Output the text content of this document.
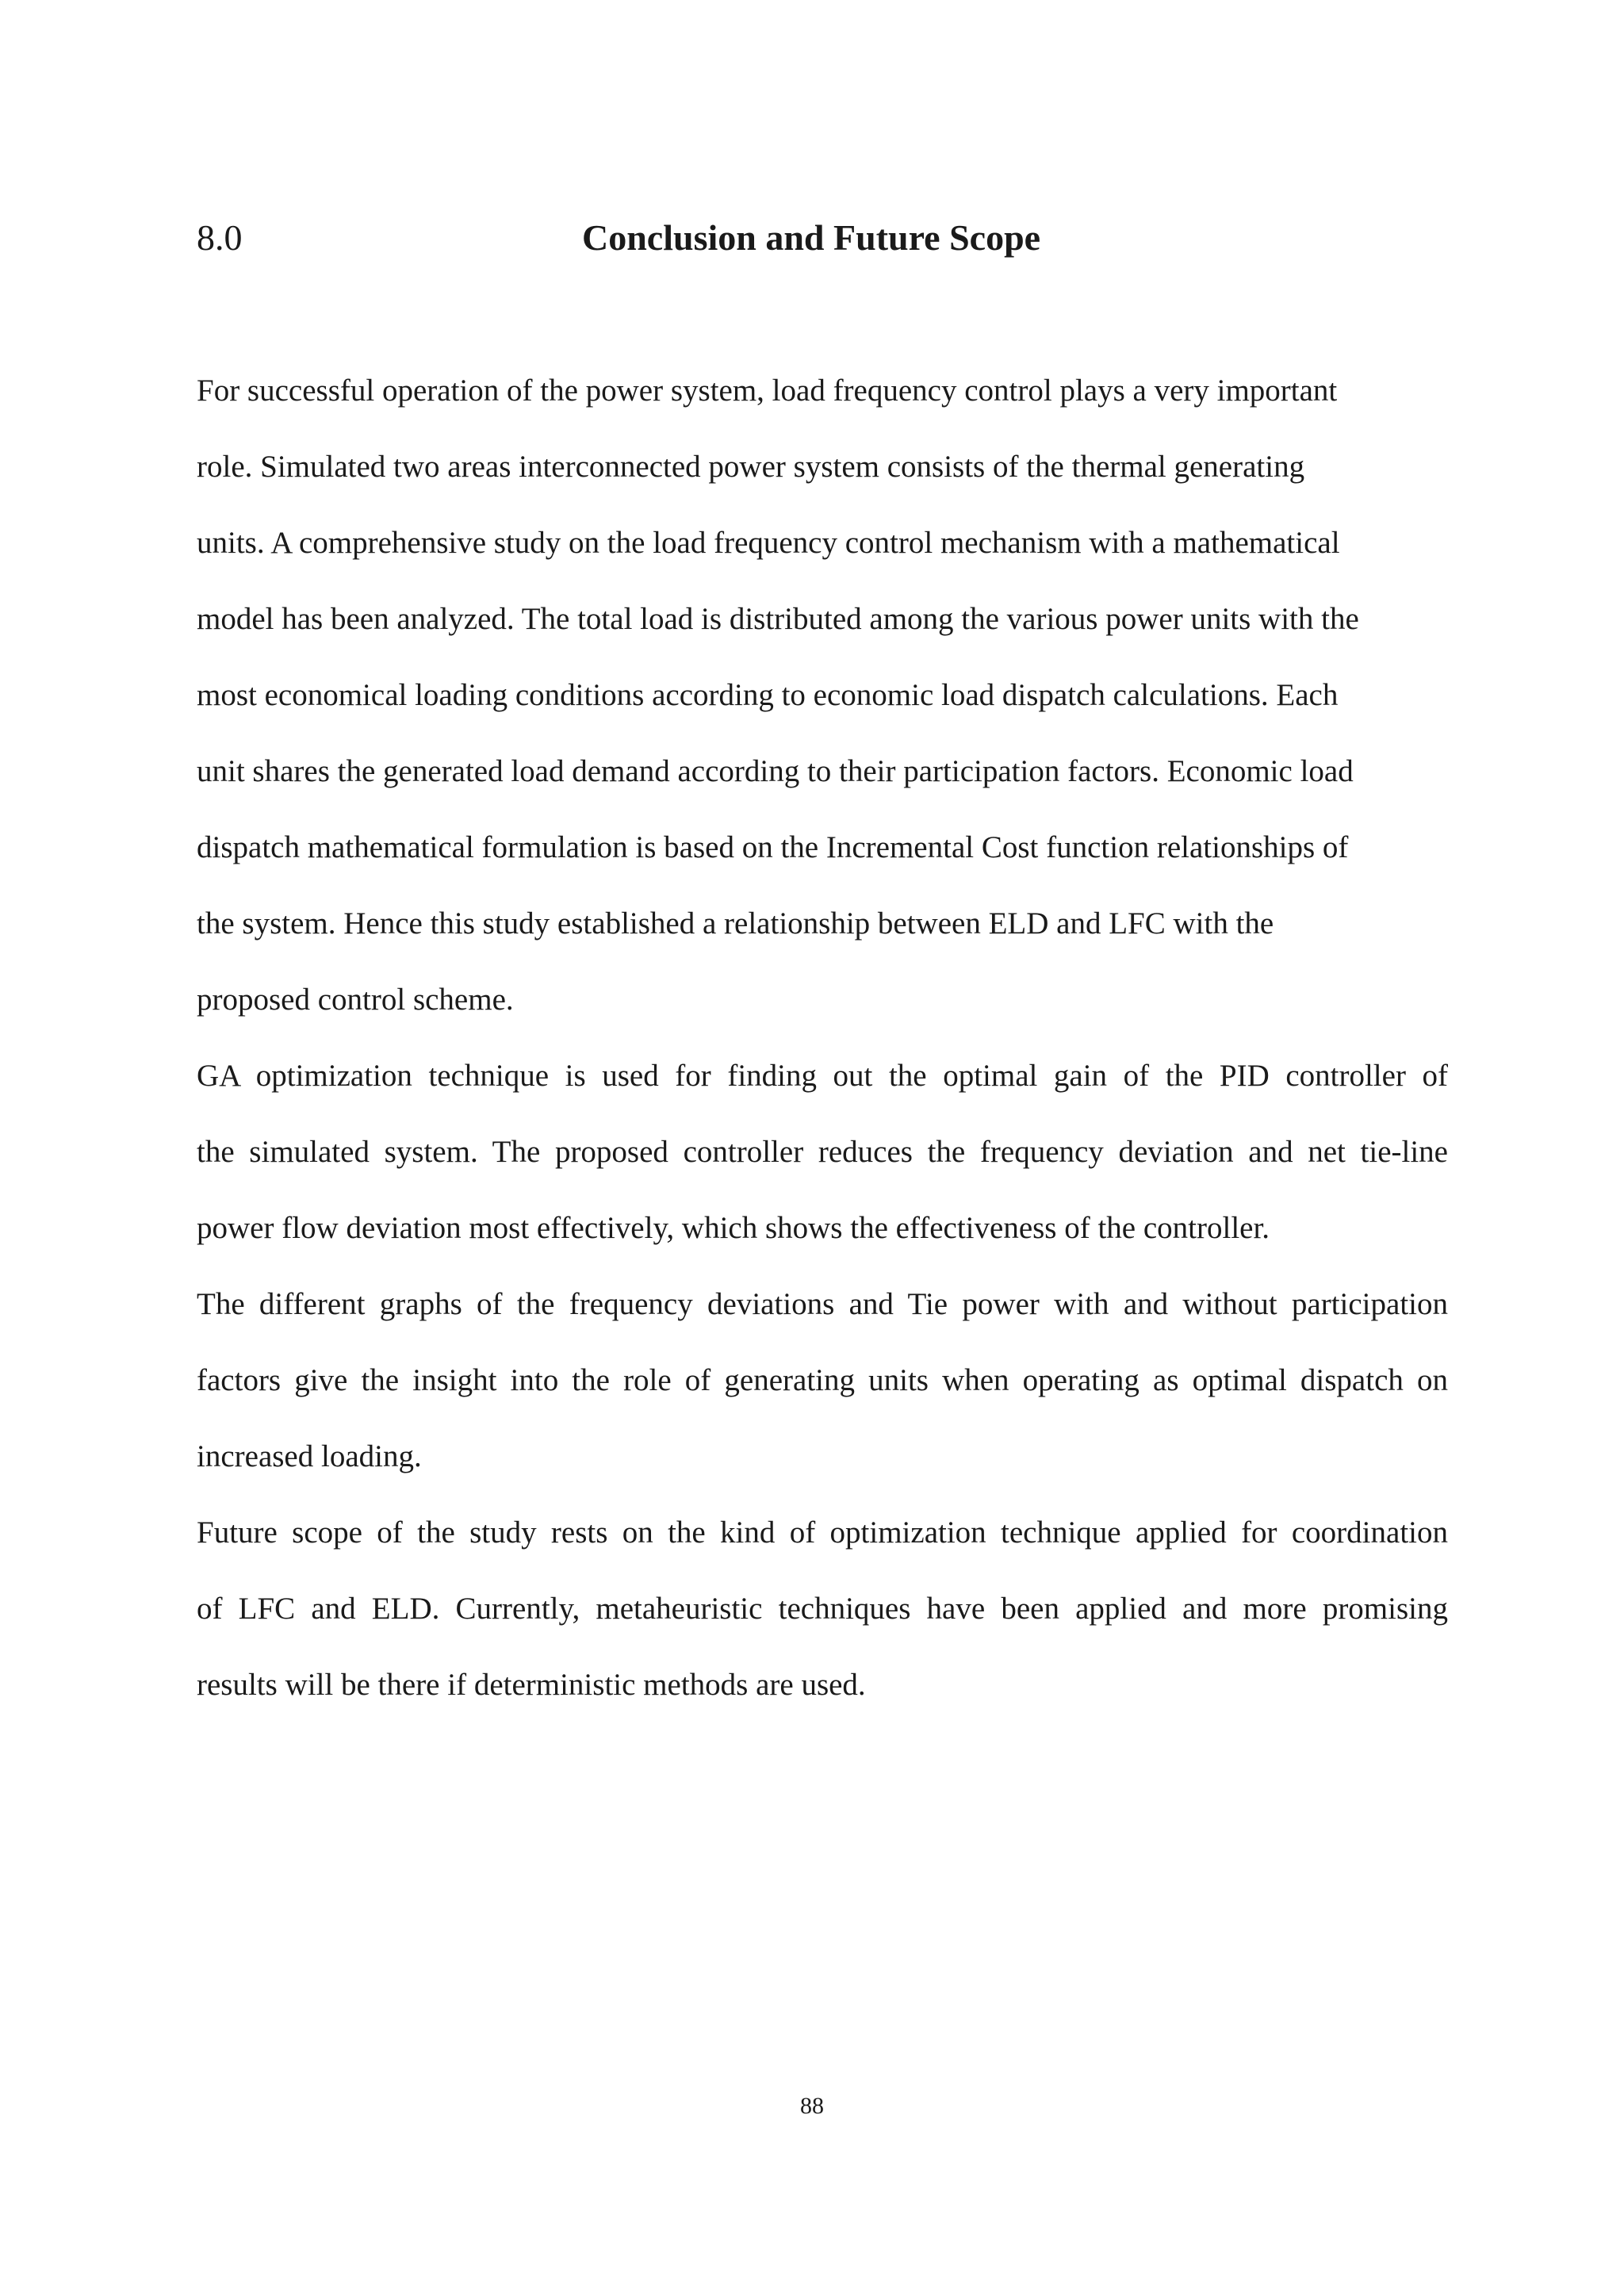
8.0	Conclusion and Future Scope
For successful operation of the power system, load frequency control plays a very important
role. Simulated two areas interconnected power system consists of the thermal generating
units. A comprehensive study on the load frequency control mechanism with a mathematical
model has been analyzed. The total load is distributed among the various power units with the
most economical loading conditions according to economic load dispatch calculations. Each
unit shares the generated load demand according to their participation factors. Economic load
dispatch mathematical formulation is based on the Incremental Cost function relationships of
the system. Hence this study established a relationship between ELD and LFC with the
proposed control scheme.
GA optimization technique is used for finding out the optimal gain of the PID controller of
the simulated system. The proposed controller reduces the frequency deviation and net tie-line
power flow deviation most effectively, which shows the effectiveness of the controller.
The different graphs of the frequency deviations and Tie power with and without participation
factors give the insight into the role of generating units when operating as optimal dispatch on
increased loading.
Future scope of the study rests on the kind of optimization technique applied for coordination
of LFC and ELD. Currently, metaheuristic techniques have been applied and more promising
results will be there if deterministic methods are used.
88
